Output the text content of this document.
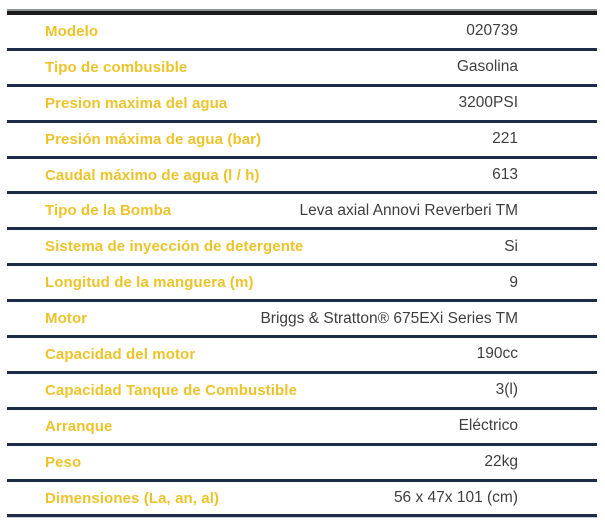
Modelo	020739
Tipo de combusible	Gasolina
Presion maxima del agua	3200PSI
Presión máxima de agua (bar)	221
Caudal máximo de agua (l / h)	613
Tipo de la Bomba	Leva axial Annovi Reverberi TM
Sistema de inyección de detergente	Si
Longitud de la manguera (m)	9
Motor	Briggs & Stratton® 675EXi Series TM
Capacidad del motor	190cc
Capacidad Tanque de Combustible	3(l)
Arranque	Eléctrico
Peso	22kg
Dimensiones (La, an, al)	56 x 47x 101 (cm)
